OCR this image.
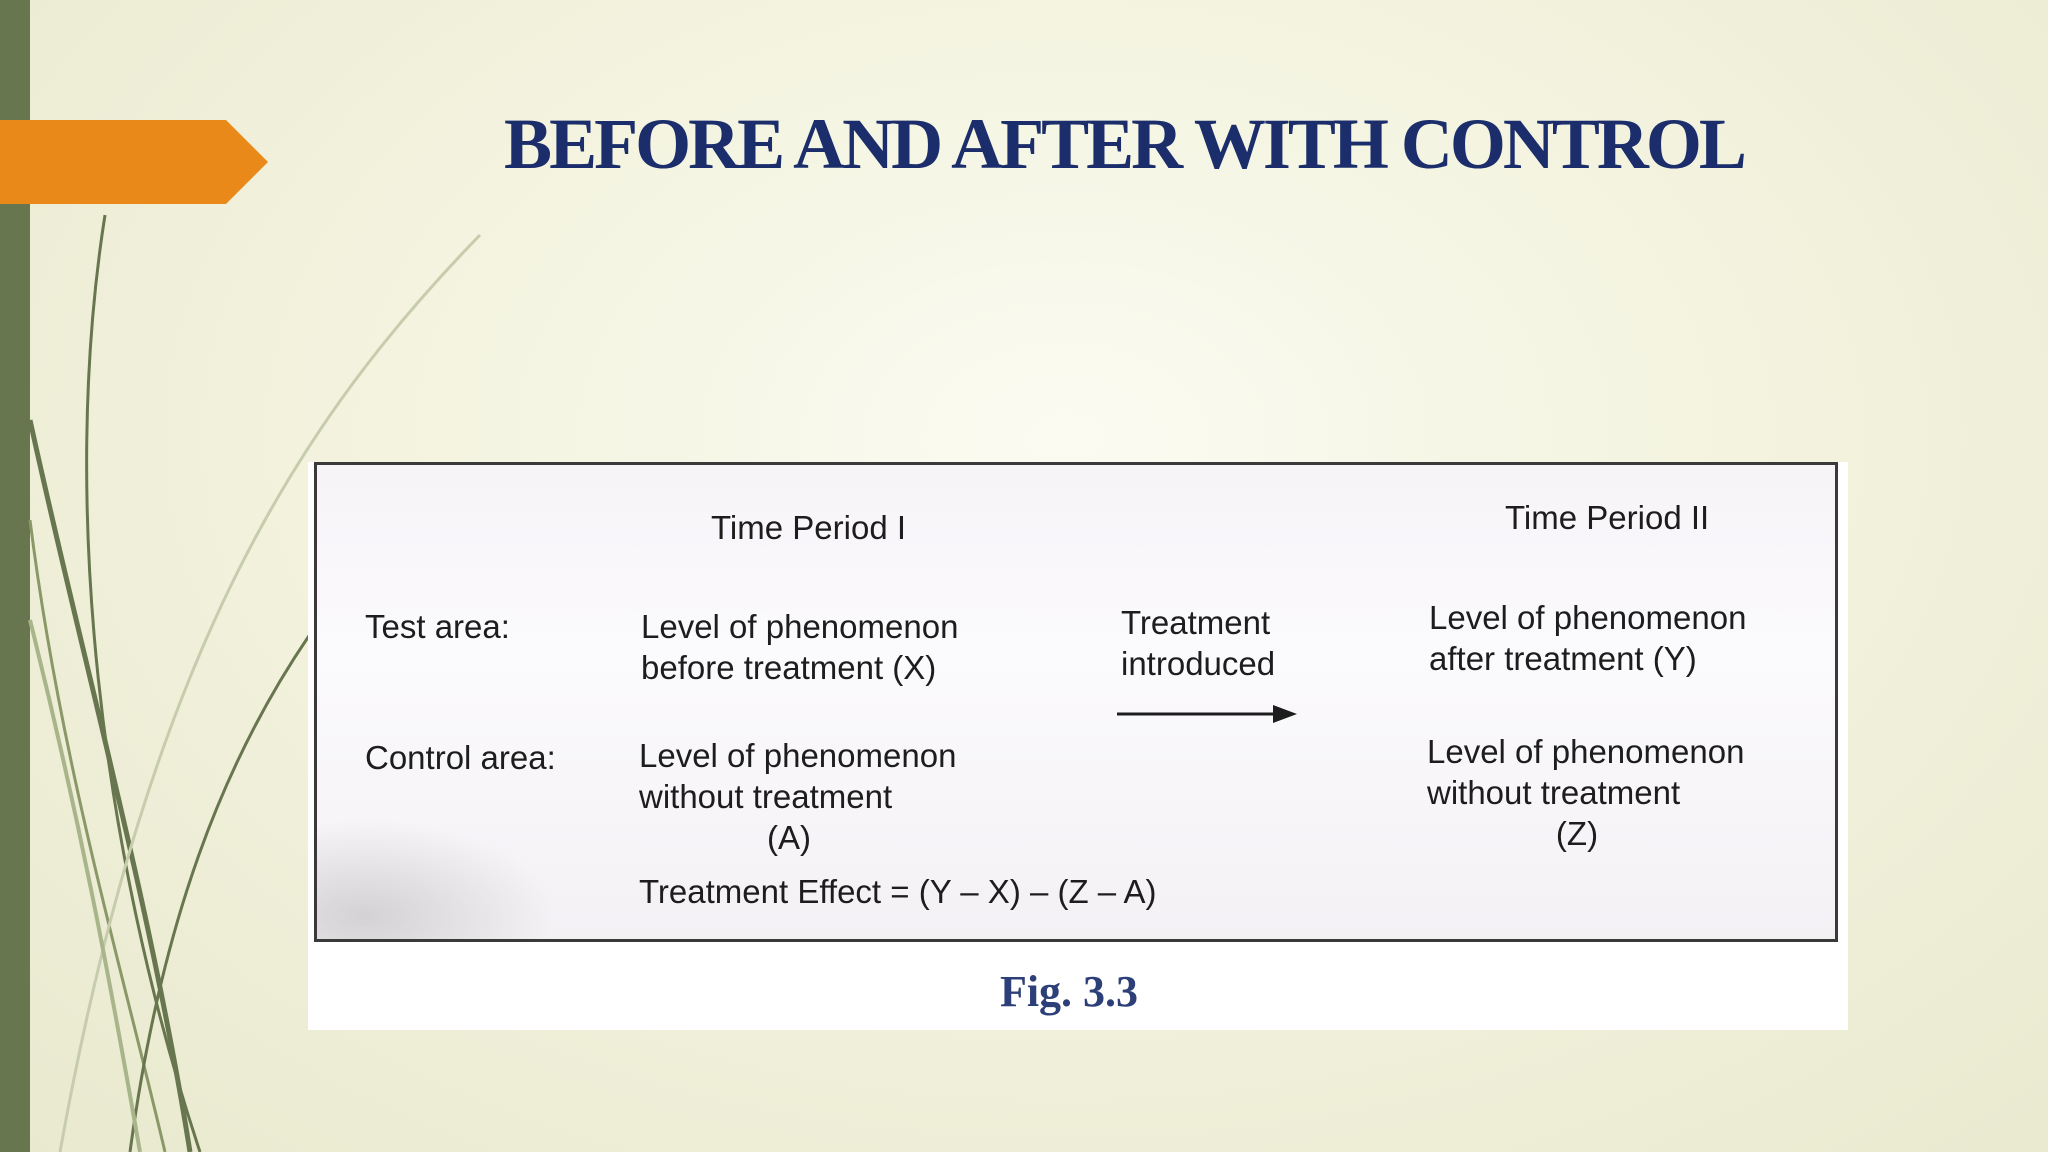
BEFORE AND AFTER WITH CONTROL
Time Period I	Time Period II
Test area:
Control area:
Level of phenomenon
before treatment (X)
Treatment
introduced
Level of phenomenon
after treatment (Y)
Level of phenomenon
without treatment
(A)
Level of phenomenon
without treatment
(Z)
Treatment Effect = (Y – X) – (Z – A)
Fig. 3.3
